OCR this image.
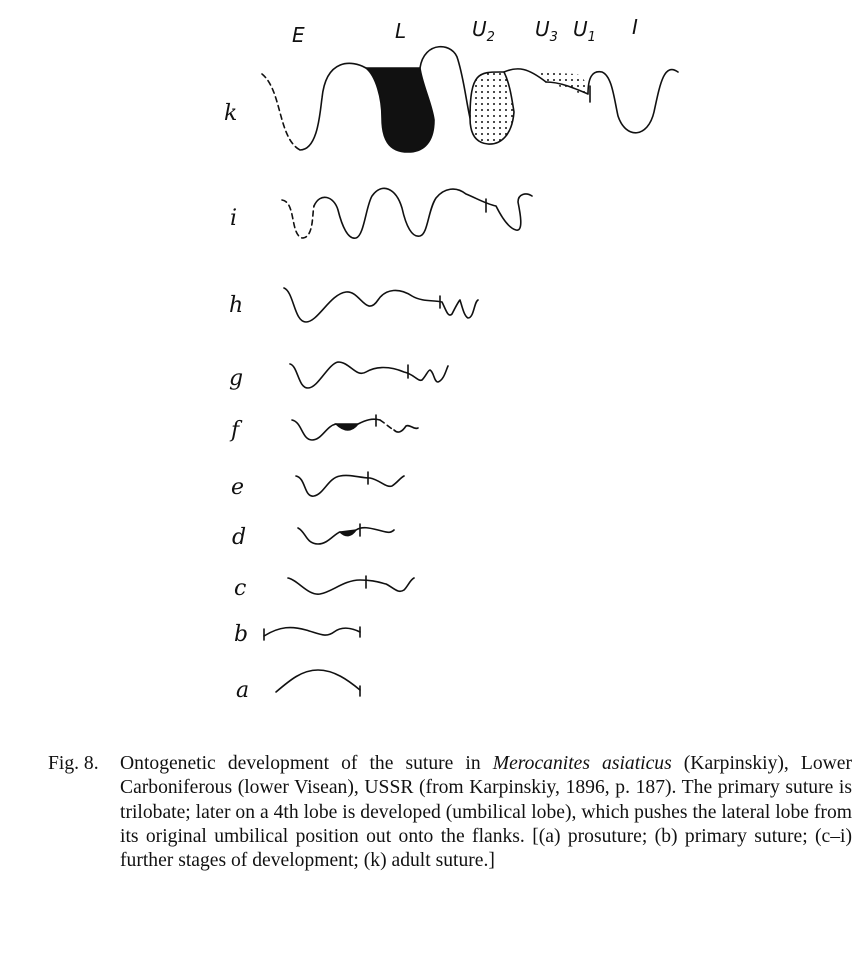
E	L	$U_2$ $U_3$ $U_1$ I
k
i
h
g
f
e
d
c
b
a
Fig. 8. Ontogenetic development of the suture in Merocanites asiaticus (Karpinskiy), Lower Carboniferous (lower Visean), USSR (from Karpinskiy, 1896, p. 187). The primary suture is trilobate; later on a 4th lobe is developed (umbilical lobe), which pushes the lateral lobe from its original umbilical position out onto the flanks. [(a) prosuture; (b) primary suture; (c–i) further stages of development; (k) adult suture.]
